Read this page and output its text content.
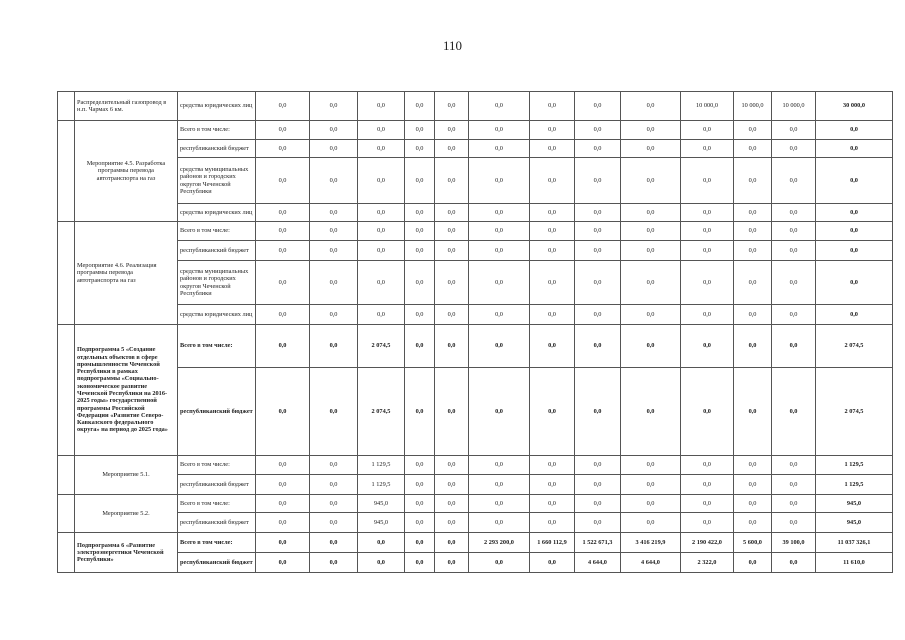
110
	Распределительный газопровод в н.п. Чармах 6 км.	средства юридических лиц	0,0	0,0	0,0	0,0	0,0	0,0	0,0	0,0	0,0	10 000,0	10 000,0	10 000,0	30 000,0
	Мероприятие 4.5. Разработка программы перевода автотранспорта на газ	Всего в том числе:	0,0	0,0	0,0	0,0	0,0	0,0	0,0	0,0	0,0	0,0	0,0	0,0	0,0
		республиканский бюджет	0,0	0,0	0,0	0,0	0,0	0,0	0,0	0,0	0,0	0,0	0,0	0,0	0,0
		средства муниципальных районов и городских округов Чеченской Республики	0,0	0,0	0,0	0,0	0,0	0,0	0,0	0,0	0,0	0,0	0,0	0,0	0,0
		средства юридических лиц	0,0	0,0	0,0	0,0	0,0	0,0	0,0	0,0	0,0	0,0	0,0	0,0	0,0
	Мероприятие 4.6. Реализация программы перевода автотранспорта на газ	Всего в том числе:	0,0	0,0	0,0	0,0	0,0	0,0	0,0	0,0	0,0	0,0	0,0	0,0	0,0
		республиканский бюджет	0,0	0,0	0,0	0,0	0,0	0,0	0,0	0,0	0,0	0,0	0,0	0,0	0,0
		средства муниципальных районов и городских округов Чеченской Республики	0,0	0,0	0,0	0,0	0,0	0,0	0,0	0,0	0,0	0,0	0,0	0,0	0,0
		средства юридических лиц	0,0	0,0	0,0	0,0	0,0	0,0	0,0	0,0	0,0	0,0	0,0	0,0	0,0
	Подпрограмма 5 «Создание отдельных объектов в сфере промышленности Чеченской Республики в рамках подпрограммы «Социально-экономическое развитие Чеченской Республики на 2016-2025 годы» государственной программы Российской Федерации «Развитие Северо-Кавказского федерального округа» на период до 2025 года»	Всего в том числе:	0,0	0,0	2 074,5	0,0	0,0	0,0	0,0	0,0	0,0	0,0	0,0	0,0	2 074,5
		республиканский бюджет	0,0	0,0	2 074,5	0,0	0,0	0,0	0,0	0,0	0,0	0,0	0,0	0,0	2 074,5
	Мероприятие 5.1.	Всего в том числе:	0,0	0,0	1 129,5	0,0	0,0	0,0	0,0	0,0	0,0	0,0	0,0	0,0	1 129,5
		республиканский бюджет	0,0	0,0	1 129,5	0,0	0,0	0,0	0,0	0,0	0,0	0,0	0,0	0,0	1 129,5
	Мероприятие 5.2.	Всего в том числе:	0,0	0,0	945,0	0,0	0,0	0,0	0,0	0,0	0,0	0,0	0,0	0,0	945,0
		республиканский бюджет	0,0	0,0	945,0	0,0	0,0	0,0	0,0	0,0	0,0	0,0	0,0	0,0	945,0
	Подпрограмма 6 «Развитие электроэнергетики Чеченской Республики»	Всего в том числе:	0,0	0,0	0,0	0,0	0,0	2 293 200,0	1 660 112,9	1 522 671,3	3 416 219,9	2 190 422,0	5 600,0	39 100,0	11 037 326,1
		республиканский бюджет	0,0	0,0	0,0	0,0	0,0	0,0	0,0	4 644,0	4 644,0	2 322,0	0,0	0,0	11 610,0
